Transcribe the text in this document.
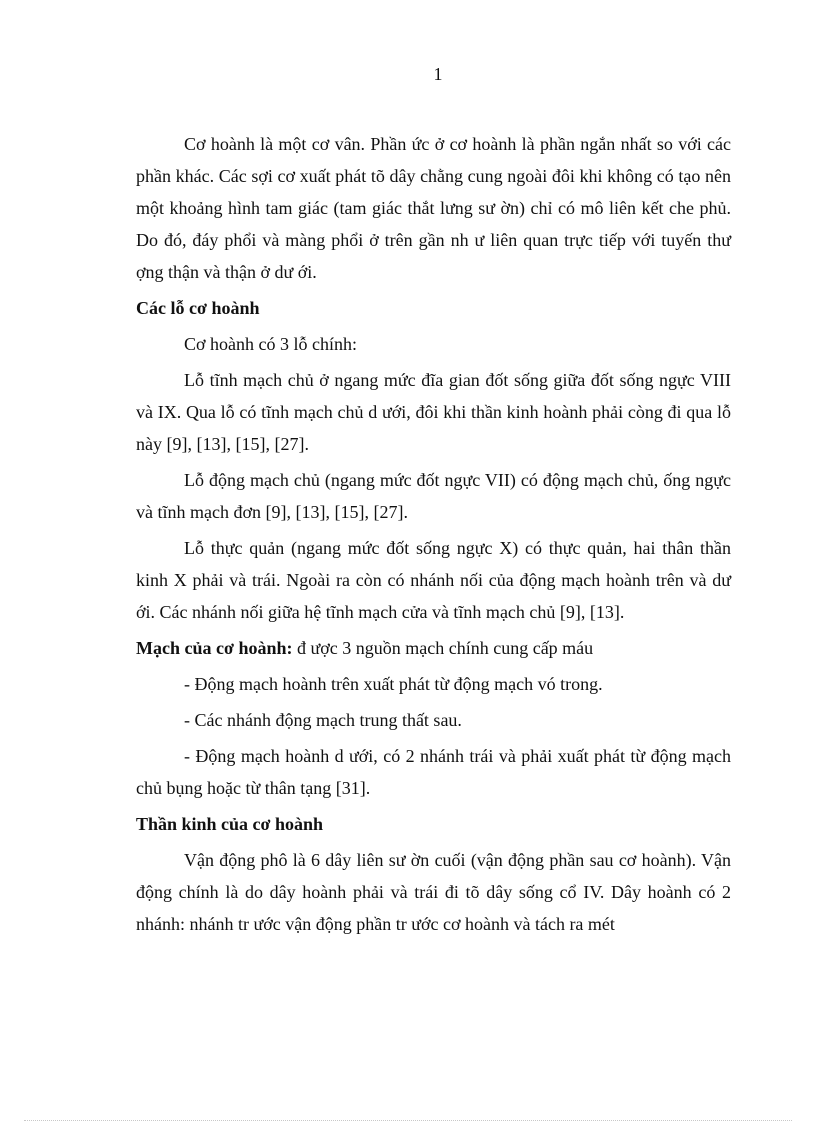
1

Cơ hoành là một cơ vân. Phần ức ở cơ hoành là phần ngắn nhất so với các phần khác. Các sợi cơ xuất phát tõ dây chằng cung ngoài đôi khi không có tạo nên một khoảng hình tam giác (tam giác thắt lưng sư ờn) chỉ có mô liên kết che phủ. Do đó, đáy phổi và màng phổi ở trên gần nh ư liên quan trực tiếp với tuyến thư ợng thận và thận ở dư ới.

Các lỗ cơ hoành

Cơ hoành có 3 lỗ chính:

Lỗ tĩnh mạch chủ ở ngang mức đĩa gian đốt sống giữa đốt sống ngực VIII và IX. Qua lỗ có tĩnh mạch chủ d ưới, đôi khi thần kinh hoành phải còng đi qua lỗ này [9], [13], [15], [27].

Lỗ động mạch chủ (ngang mức đốt ngực VII) có động mạch chủ, ống ngực và tĩnh mạch đơn [9], [13], [15], [27].

Lỗ thực quản (ngang mức đốt sống ngực X) có thực quản, hai thân thần kinh X phải và trái. Ngoài ra còn có nhánh nối của động mạch hoành trên và dư ới. Các nhánh nối giữa hệ tĩnh mạch cửa và tĩnh mạch chủ [9], [13].

Mạch của cơ hoành: đ ược 3 nguồn mạch chính cung cấp máu

- Động mạch hoành trên xuất phát từ động mạch vó trong.

- Các nhánh động mạch trung thất sau.

- Động mạch hoành d ưới, có 2 nhánh trái và phải xuất phát từ động mạch chủ bụng hoặc từ thân tạng [31].

Thần kinh của cơ hoành

Vận động phô là 6 dây liên sư ờn cuối (vận động phần sau cơ hoành). Vận động chính là do dây hoành phải và trái đi tõ dây sống cổ IV. Dây hoành có 2 nhánh: nhánh tr ước vận động phần tr ước cơ hoành và tách ra mét
